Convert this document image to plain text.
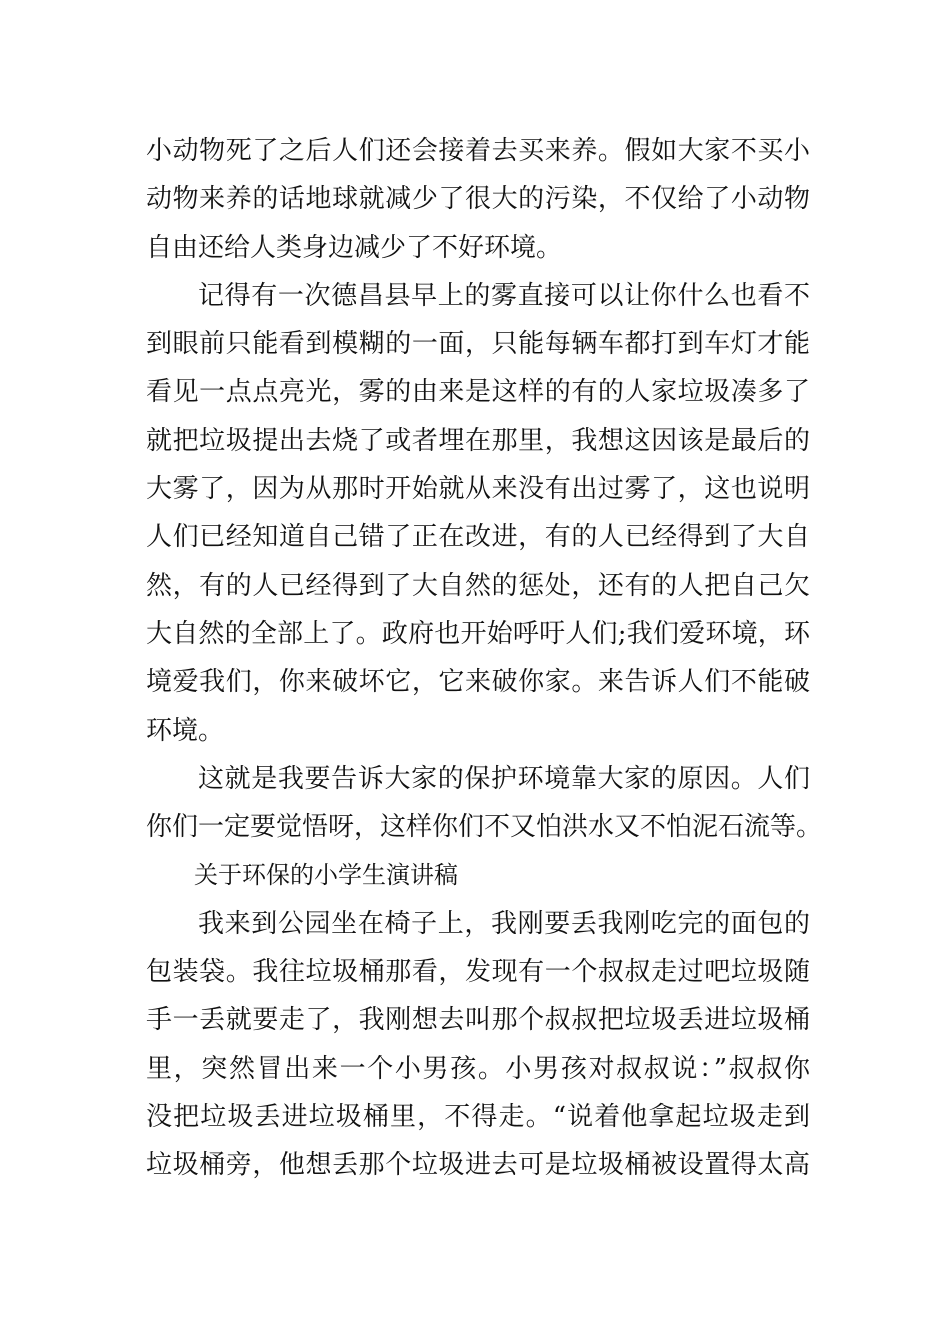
小动物死了之后人们还会接着去买来养。假如大家不买小
动物来养的话地球就减少了很大的污染，不仅给了小动物
自由还给人类身边减少了不好环境。
记得有一次德昌县早上的雾直接可以让你什么也看不
到眼前只能看到模糊的一面，只能每辆车都打到车灯才能
看见一点点亮光，雾的由来是这样的有的人家垃圾凑多了
就把垃圾提出去烧了或者埋在那里，我想这因该是最后的
大雾了，因为从那时开始就从来没有出过雾了，这也说明
人们已经知道自己错了正在改进，有的人已经得到了大自
然，有的人已经得到了大自然的惩处，还有的人把自己欠
大自然的全部上了。政府也开始呼吁人们;我们爱环境，环
境爱我们，你来破坏它，它来破你家。来告诉人们不能破
环境。
这就是我要告诉大家的保护环境靠大家的原因。人们
你们一定要觉悟呀，这样你们不又怕洪水又不怕泥石流等。
关于环保的小学生演讲稿
我来到公园坐在椅子上，我刚要丢我刚吃完的面包的
包装袋。我往垃圾桶那看，发现有一个叔叔走过吧垃圾随
手一丢就要走了，我刚想去叫那个叔叔把垃圾丢进垃圾桶
里，突然冒出来一个小男孩。小男孩对叔叔说：”叔叔你
没把垃圾丢进垃圾桶里，不得走。“说着他拿起垃圾走到
垃圾桶旁，他想丢那个垃圾进去可是垃圾桶被设置得太高
